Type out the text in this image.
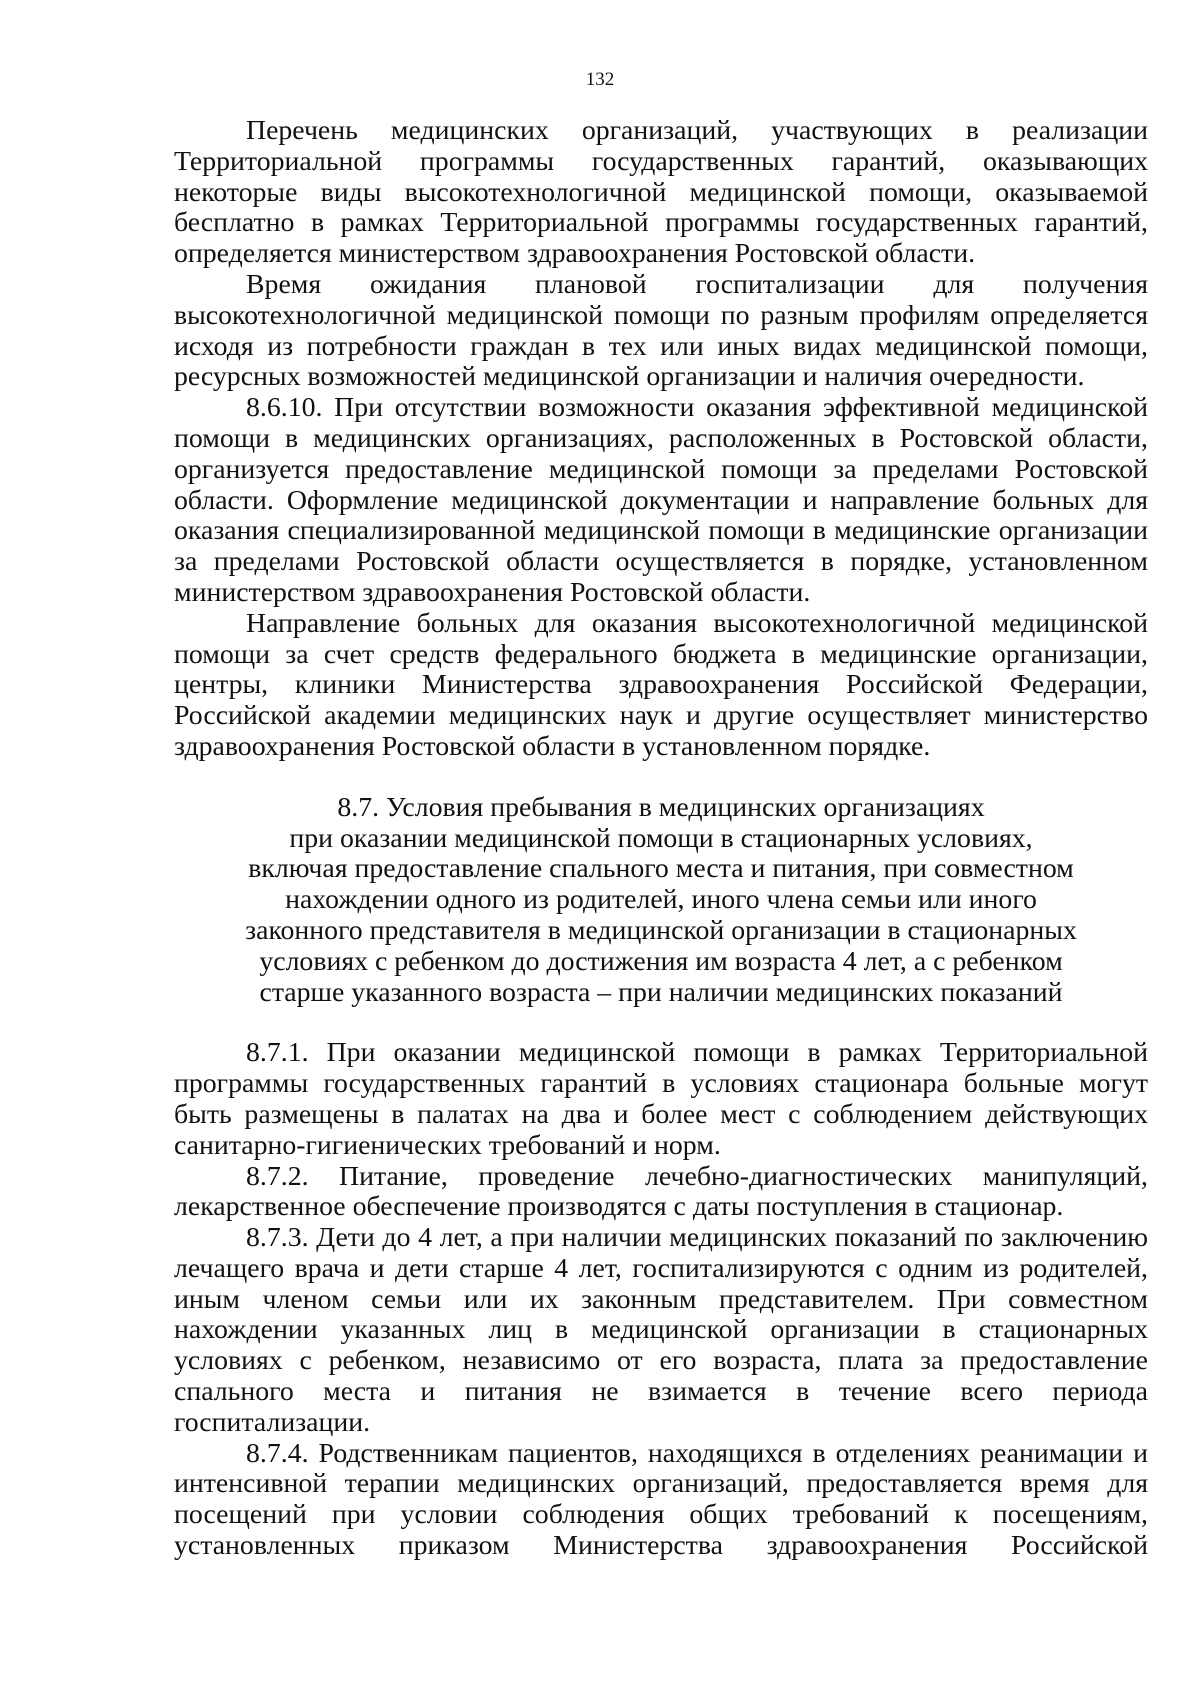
132

Перечень медицинских организаций, участвующих в реализации Территориальной программы государственных гарантий, оказывающих некоторые виды высокотехнологичной медицинской помощи, оказываемой бесплатно в рамках Территориальной программы государственных гарантий, определяется министерством здравоохранения Ростовской области.

Время ожидания плановой госпитализации для получения высокотехнологичной медицинской помощи по разным профилям определяется исходя из потребности граждан в тех или иных видах медицинской помощи, ресурсных возможностей медицинской организации и наличия очередности.

8.6.10. При отсутствии возможности оказания эффективной медицинской помощи в медицинских организациях, расположенных в Ростовской области, организуется предоставление медицинской помощи за пределами Ростовской области. Оформление медицинской документации и направление больных для оказания специализированной медицинской помощи в медицинские организации за пределами Ростовской области осуществляется в порядке, установленном министерством здравоохранения Ростовской области.

Направление больных для оказания высокотехнологичной медицинской помощи за счет средств федерального бюджета в медицинские организации, центры, клиники Министерства здравоохранения Российской Федерации, Российской академии медицинских наук и другие осуществляет министерство здравоохранения Ростовской области в установленном порядке.

8.7. Условия пребывания в медицинских организациях

при оказании медицинской помощи в стационарных условиях,

включая предоставление спального места и питания, при совместном

нахождении одного из родителей, иного члена семьи или иного

законного представителя в медицинской организации в стационарных

условиях с ребенком до достижения им возраста 4 лет, а с ребенком

старше указанного возраста – при наличии медицинских показаний

8.7.1. При оказании медицинской помощи в рамках Территориальной программы государственных гарантий в условиях стационара больные могут быть размещены в палатах на два и более мест с соблюдением действующих санитарно-гигиенических требований и норм.

8.7.2. Питание, проведение лечебно-диагностических манипуляций, лекарственное обеспечение производятся с даты поступления в стационар.

8.7.3. Дети до 4 лет, а при наличии медицинских показаний по заключению лечащего врача и дети старше 4 лет, госпитализируются с одним из родителей, иным членом семьи или их законным представителем. При совместном нахождении указанных лиц в медицинской организации в стационарных условиях с ребенком, независимо от его возраста, плата за предоставление спального места и питания не взимается в течение всего периода госпитализации.

8.7.4. Родственникам пациентов, находящихся в отделениях реанимации и интенсивной терапии медицинских организаций, предоставляется время для посещений при условии соблюдения общих требований к посещениям, установленных приказом Министерства здравоохранения Российской
